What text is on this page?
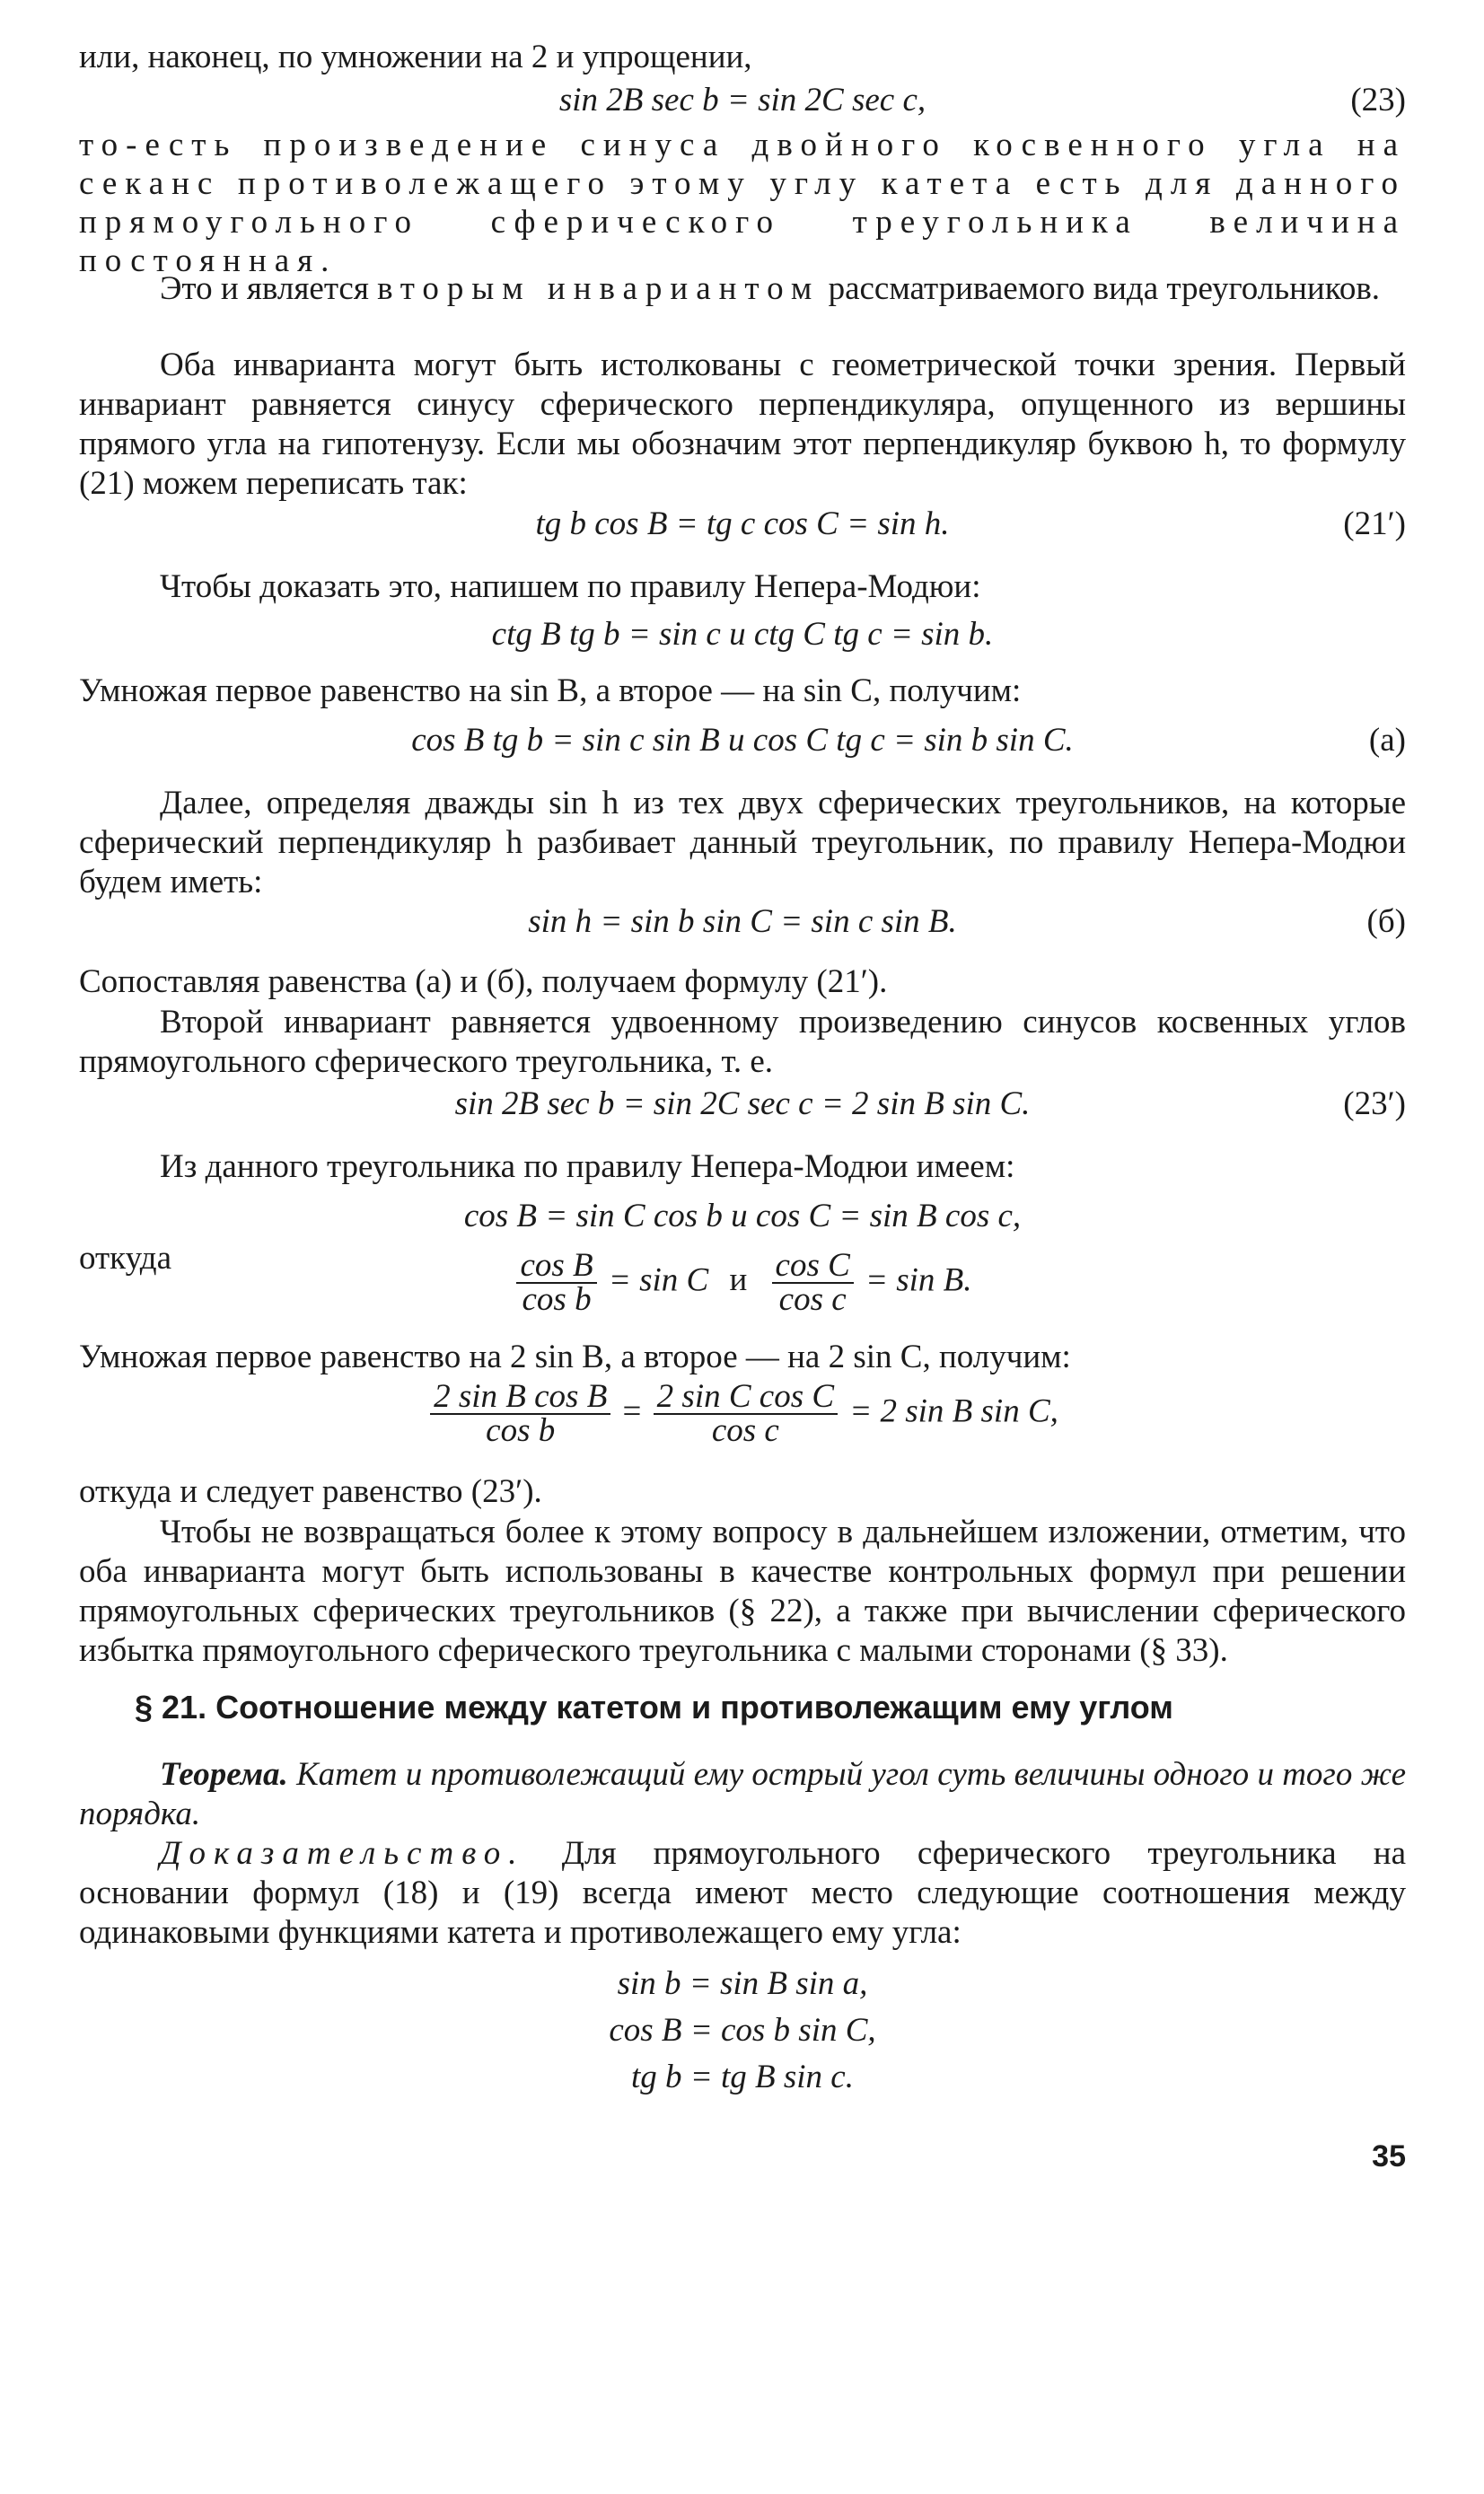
или, наконец, по умножении на 2 и упрощении,
sin 2B sec b = sin 2C sec c,	(23)
то-есть произведение синуса двойного косвенного угла на секанс противолежащего этому углу катета есть для данного прямоугольного сферического треугольника величина постоянная.
Это и является вторым инвариантом рассматриваемого вида треугольников.
Оба инварианта могут быть истолкованы с геометрической точки зрения. Первый инвариант равняется синусу сферического перпендикуляра, опущенного из вершины прямого угла на гипотенузу. Если мы обозначим этот перпендикуляр буквою h, то формулу (21) можем переписать так:
tg b cos B = tg c cos C = sin h.	(21′)
Чтобы доказать это, напишем по правилу Непера-Модюи:
ctg B tg b = sin c и ctg C tg c = sin b.
Умножая первое равенство на sin B, а второе — на sin C, получим:
cos B tg b = sin c sin B и cos C tg c = sin b sin C.	(а)
Далее, определяя дважды sin h из тех двух сферических треугольников, на которые сферический перпендикуляр h разбивает данный треугольник, по правилу Непера-Модюи будем иметь:
sin h = sin b sin C = sin c sin B.	(б)
Сопоставляя равенства (а) и (б), получаем формулу (21′).
Второй инвариант равняется удвоенному произведению синусов косвенных углов прямоугольного сферического треугольника, т. е.
sin 2B sec b = sin 2C sec c = 2 sin B sin C.	(23′)
Из данного треугольника по правилу Непера-Модюи имеем:
cos B = sin C cos b и cos C = sin B cos c,
откуда	$\frac{\text{cos B}}{\text{cos b}} = \sin C$ и $\frac{\text{cos C}}{\text{cos c}} = \sin B$.
Умножая первое равенство на 2 sin B, а второе — на 2 sin C, получим:
$\frac{\text{2 sin B cos B}}{\text{cos b}} = \frac{\text{2 sin C cos C}}{\text{cos c}} = 2$ sin B sin C,
откуда и следует равенство (23′).
Чтобы не возвращаться более к этому вопросу в дальнейшем изложении, отметим, что оба инварианта могут быть использованы в качестве контрольных формул при решении прямоугольных сферических треугольников (§ 22), а также при вычислении сферического избытка прямоугольного сферического треугольника с малыми сторонами (§ 33).
§ 21. Соотношение между катетом и противолежащим ему углом
Теорема. Катет и противолежащий ему острый угол суть величины одного и того же порядка.
Доказательство. Для прямоугольного сферического треугольника на основании формул (18) и (19) всегда имеют место следующие соотношения между одинаковыми функциями катета и противолежащего ему угла:
sin b = sin B sin a,
cos B = cos b sin C,
tg b = tg B sin c.
35
